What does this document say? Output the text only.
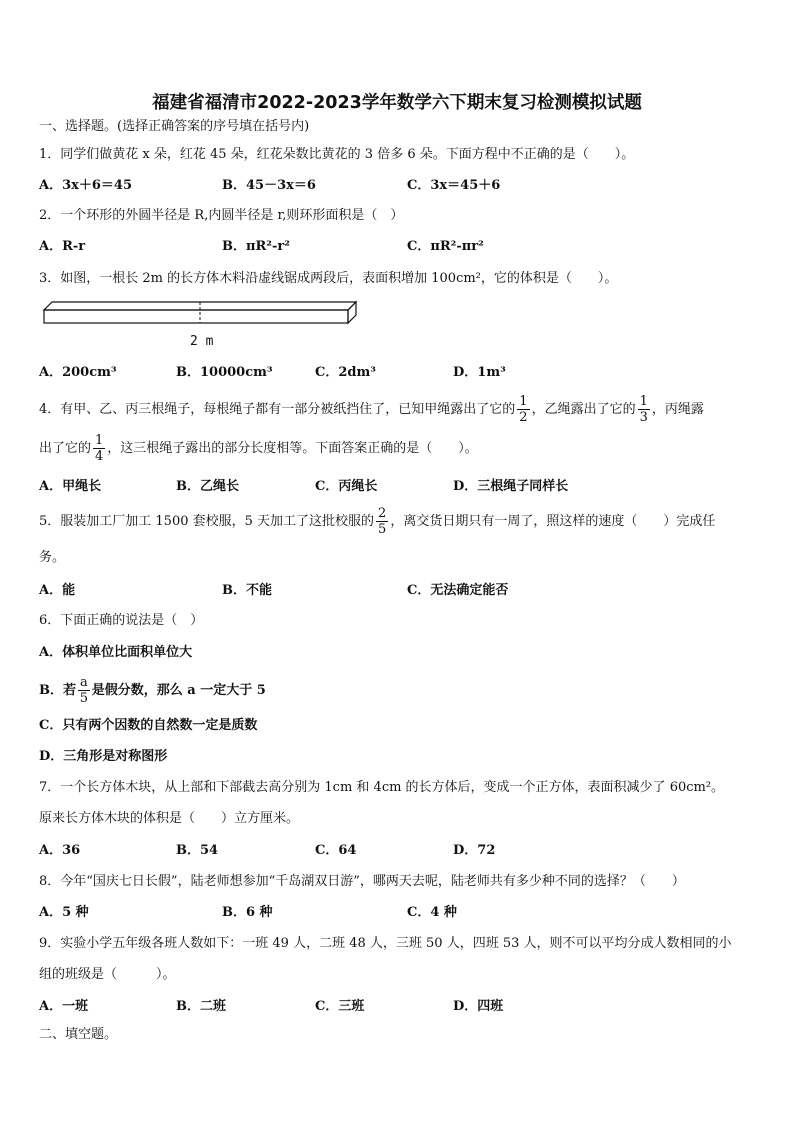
福建省福清市2022-2023学年数学六下期末复习检测模拟试题
一、选择题。(选择正确答案的序号填在括号内)
1．同学们做黄花 x 朵，红花 45 朵，红花朵数比黄花的 3 倍多 6 朵。下面方程中不正确的是（　　）。
A．3x＋6＝45	B．45－3x＝6	C．3x＝45＋6
2．一个环形的外圆半径是 R,内圆半径是 r,则环形面积是（　）
A．R-r	B．πR²-r²	C．πR²-πr²
3．如图，一根长 2m 的长方体木料沿虚线锯成两段后，表面积增加 100cm²，它的体积是（　　）。
2 m
A．200cm³	B．10000cm³	C．2dm³	D．1m³
4．有甲、乙、丙三根绳子，每根绳子都有一部分被纸挡住了，已知甲绳露出了它的 $\frac{1}{2}$ ，乙绳露出了它的 $\frac{1}{3}$ ，丙绳露
出了它的 $\frac{1}{4}$ ，这三根绳子露出的部分长度相等。下面答案正确的是（　　）。
A．甲绳长	B．乙绳长	C．丙绳长	D．三根绳子同样长
5．服装加工厂加工 1500 套校服，5 天加工了这批校服的 $\frac{2}{5}$ ，离交货日期只有一周了，照这样的速度（　　）完成任
务。
A．能	B．不能	C．无法确定能否
6．下面正确的说法是（　）
A．体积单位比面积单位大
B．若 $\frac{a}{5}$ 是假分数，那么 a 一定大于 5
C．只有两个因数的自然数一定是质数
D．三角形是对称图形
7．一个长方体木块，从上部和下部截去高分别为 1cm 和 4cm 的长方体后，变成一个正方体，表面积减少了 60cm²。
原来长方体木块的体积是（　　）立方厘米。
A．36	B．54	C．64	D．72
8．今年“国庆七日长假”，陆老师想参加“千岛湖双日游”，哪两天去呢，陆老师共有多少种不同的选择？（　　）
A．5 种	B．6 种	C．4 种
9．实验小学五年级各班人数如下：一班 49 人，二班 48 人，三班 50 人，四班 53 人，则不可以平均分成人数相同的小
组的班级是（　　　）。
A．一班	B．二班	C．三班	D．四班
二、填空题。
